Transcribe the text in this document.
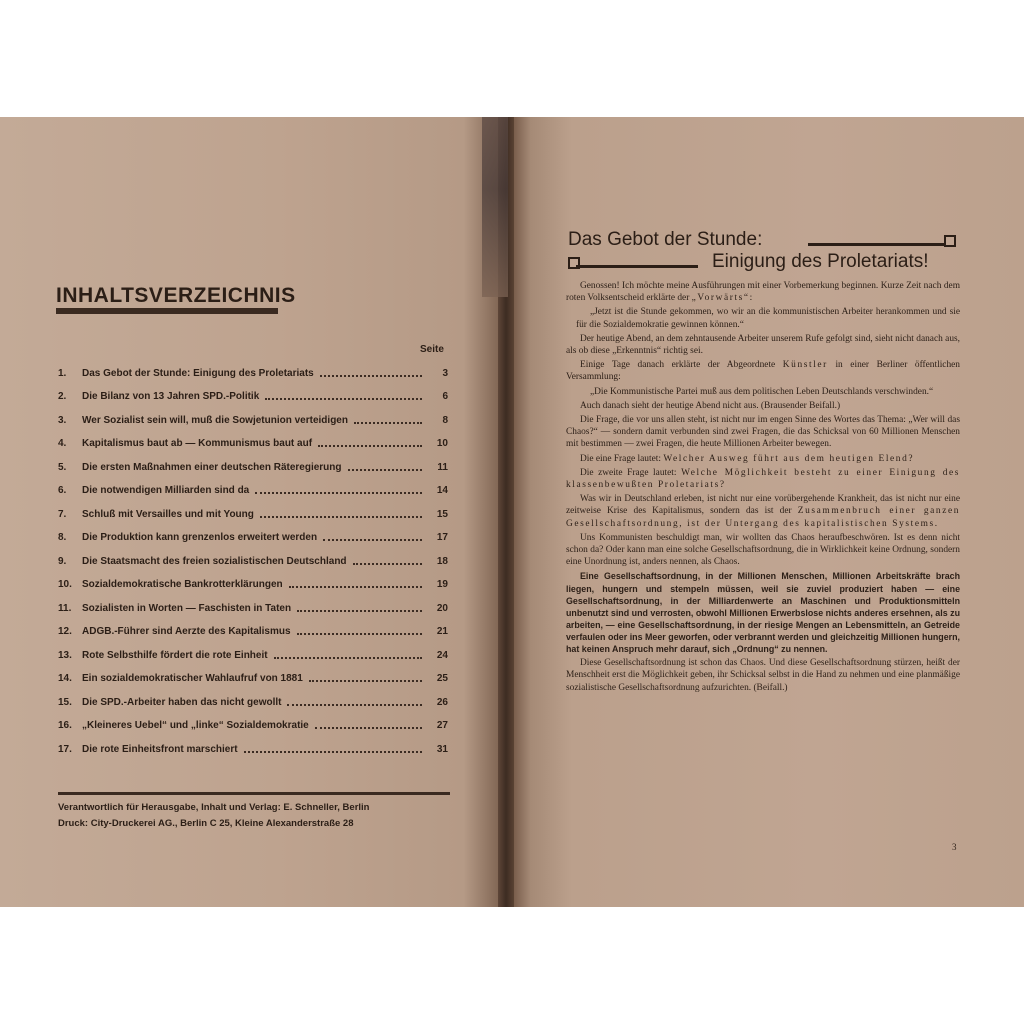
INHALTSVERZEICHNIS
Seite
1.	Das Gebot der Stunde: Einigung des Proletariats	3
2.	Die Bilanz von 13 Jahren SPD.-Politik	6
3.	Wer Sozialist sein will, muß die Sowjetunion verteidigen	8
4.	Kapitalismus baut ab — Kommunismus baut auf	10
5.	Die ersten Maßnahmen einer deutschen Räteregierung	11
6.	Die notwendigen Milliarden sind da	14
7.	Schluß mit Versailles und mit Young	15
8.	Die Produktion kann grenzenlos erweitert werden	17
9.	Die Staatsmacht des freien sozialistischen Deutschland	18
10.	Sozialdemokratische Bankrotterklärungen	19
11.	Sozialisten in Worten — Faschisten in Taten	20
12.	ADGB.-Führer sind Aerzte des Kapitalismus	21
13.	Rote Selbsthilfe fördert die rote Einheit	24
14.	Ein sozialdemokratischer Wahlaufruf von 1881	25
15.	Die SPD.-Arbeiter haben das nicht gewollt	26
16.	„Kleineres Uebel“ und „linke“ Sozialdemokratie	27
17.	Die rote Einheitsfront marschiert	31
Verantwortlich für Herausgabe, Inhalt und Verlag: E. Schneller, Berlin
Druck: City-Druckerei AG., Berlin C 25, Kleine Alexanderstraße 28
Das Gebot der Stunde:
Einigung des Proletariats!

Genossen! Ich möchte meine Ausführungen mit einer Vorbemerkung beginnen. Kurze Zeit nach dem roten Volksentscheid erklärte der „Vorwärts“:

„Jetzt ist die Stunde gekommen, wo wir an die kommunistischen Arbeiter herankommen und sie für die Sozialdemokratie gewinnen können.“

Der heutige Abend, an dem zehntausende Arbeiter unserem Rufe gefolgt sind, sieht nicht danach aus, als ob diese „Erkenntnis“ richtig sei.

Einige Tage danach erklärte der Abgeordnete Künstler in einer Berliner öffentlichen Versammlung:

„Die Kommunistische Partei muß aus dem politischen Leben Deutschlands verschwinden.“

Auch danach sieht der heutige Abend nicht aus. (Brausender Beifall.)

Die Frage, die vor uns allen steht, ist nicht nur im engen Sinne des Wortes das Thema: „Wer will das Chaos?“ — sondern damit verbunden sind zwei Fragen, die das Schicksal von 60 Millionen Menschen mit bestimmen — zwei Fragen, die heute Millionen Arbeiter bewegen.

Die eine Frage lautet: Welcher Ausweg führt aus dem heutigen Elend?

Die zweite Frage lautet: Welche Möglichkeit besteht zu einer Einigung des klassenbewußten Proletariats?

Was wir in Deutschland erleben, ist nicht nur eine vorübergehende Krankheit, das ist nicht nur eine zeitweise Krise des Kapitalismus, sondern das ist der Zusammenbruch einer ganzen Gesellschaftsordnung, ist der Untergang des kapitalistischen Systems.

Uns Kommunisten beschuldigt man, wir wollten das Chaos heraufbeschwören. Ist es denn nicht schon da? Oder kann man eine solche Gesellschaftsordnung, die in Wirklichkeit keine Ordnung, sondern eine Unordnung ist, anders nennen, als Chaos.

Eine Gesellschaftsordnung, in der Millionen Menschen, Millionen Arbeitskräfte brach liegen, hungern und stempeln müssen, weil sie zuviel produziert haben — eine Gesellschaftsordnung, in der Milliardenwerte an Maschinen und Produktionsmitteln unbenutzt sind und verrosten, obwohl Millionen Erwerbslose nichts anderes ersehnen, als zu arbeiten, — eine Gesellschaftsordnung, in der riesige Mengen an Lebensmitteln, an Getreide verfaulen oder ins Meer geworfen, oder verbrannt werden und gleichzeitig Millionen hungern, hat keinen Anspruch mehr darauf, sich „Ordnung“ zu nennen.

Diese Gesellschaftsordnung ist schon das Chaos. Und diese Gesellschaftsordnung stürzen, heißt der Menschheit erst die Möglichkeit geben, ihr Schicksal selbst in die Hand zu nehmen und eine planmäßige sozialistische Gesellschaftsordnung aufzurichten. (Beifall.)

3
